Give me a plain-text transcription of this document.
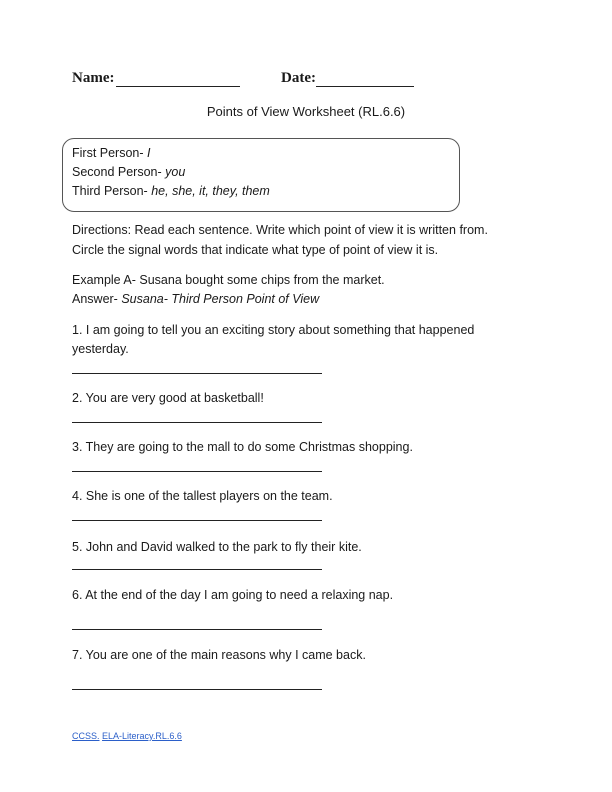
Name:	Date:
Points of View Worksheet (RL.6.6)
First Person- I
Second Person- you
Third Person- he, she, it, they, them
Directions: Read each sentence. Write which point of view it is written from.
Circle the signal words that indicate what type of point of view it is.
Example A- Susana bought some chips from the market.
Answer- Susana- Third Person Point of View
1. I am going to tell you an exciting story about something that happened
yesterday.
2. You are very good at basketball!
3. They are going to the mall to do some Christmas shopping.
4. She is one of the tallest players on the team.
5. John and David walked to the park to fly their kite.
6. At the end of the day I am going to need a relaxing nap.
7. You are one of the main reasons why I came back.
CCSS. ELA-Literacy.RL.6.6
